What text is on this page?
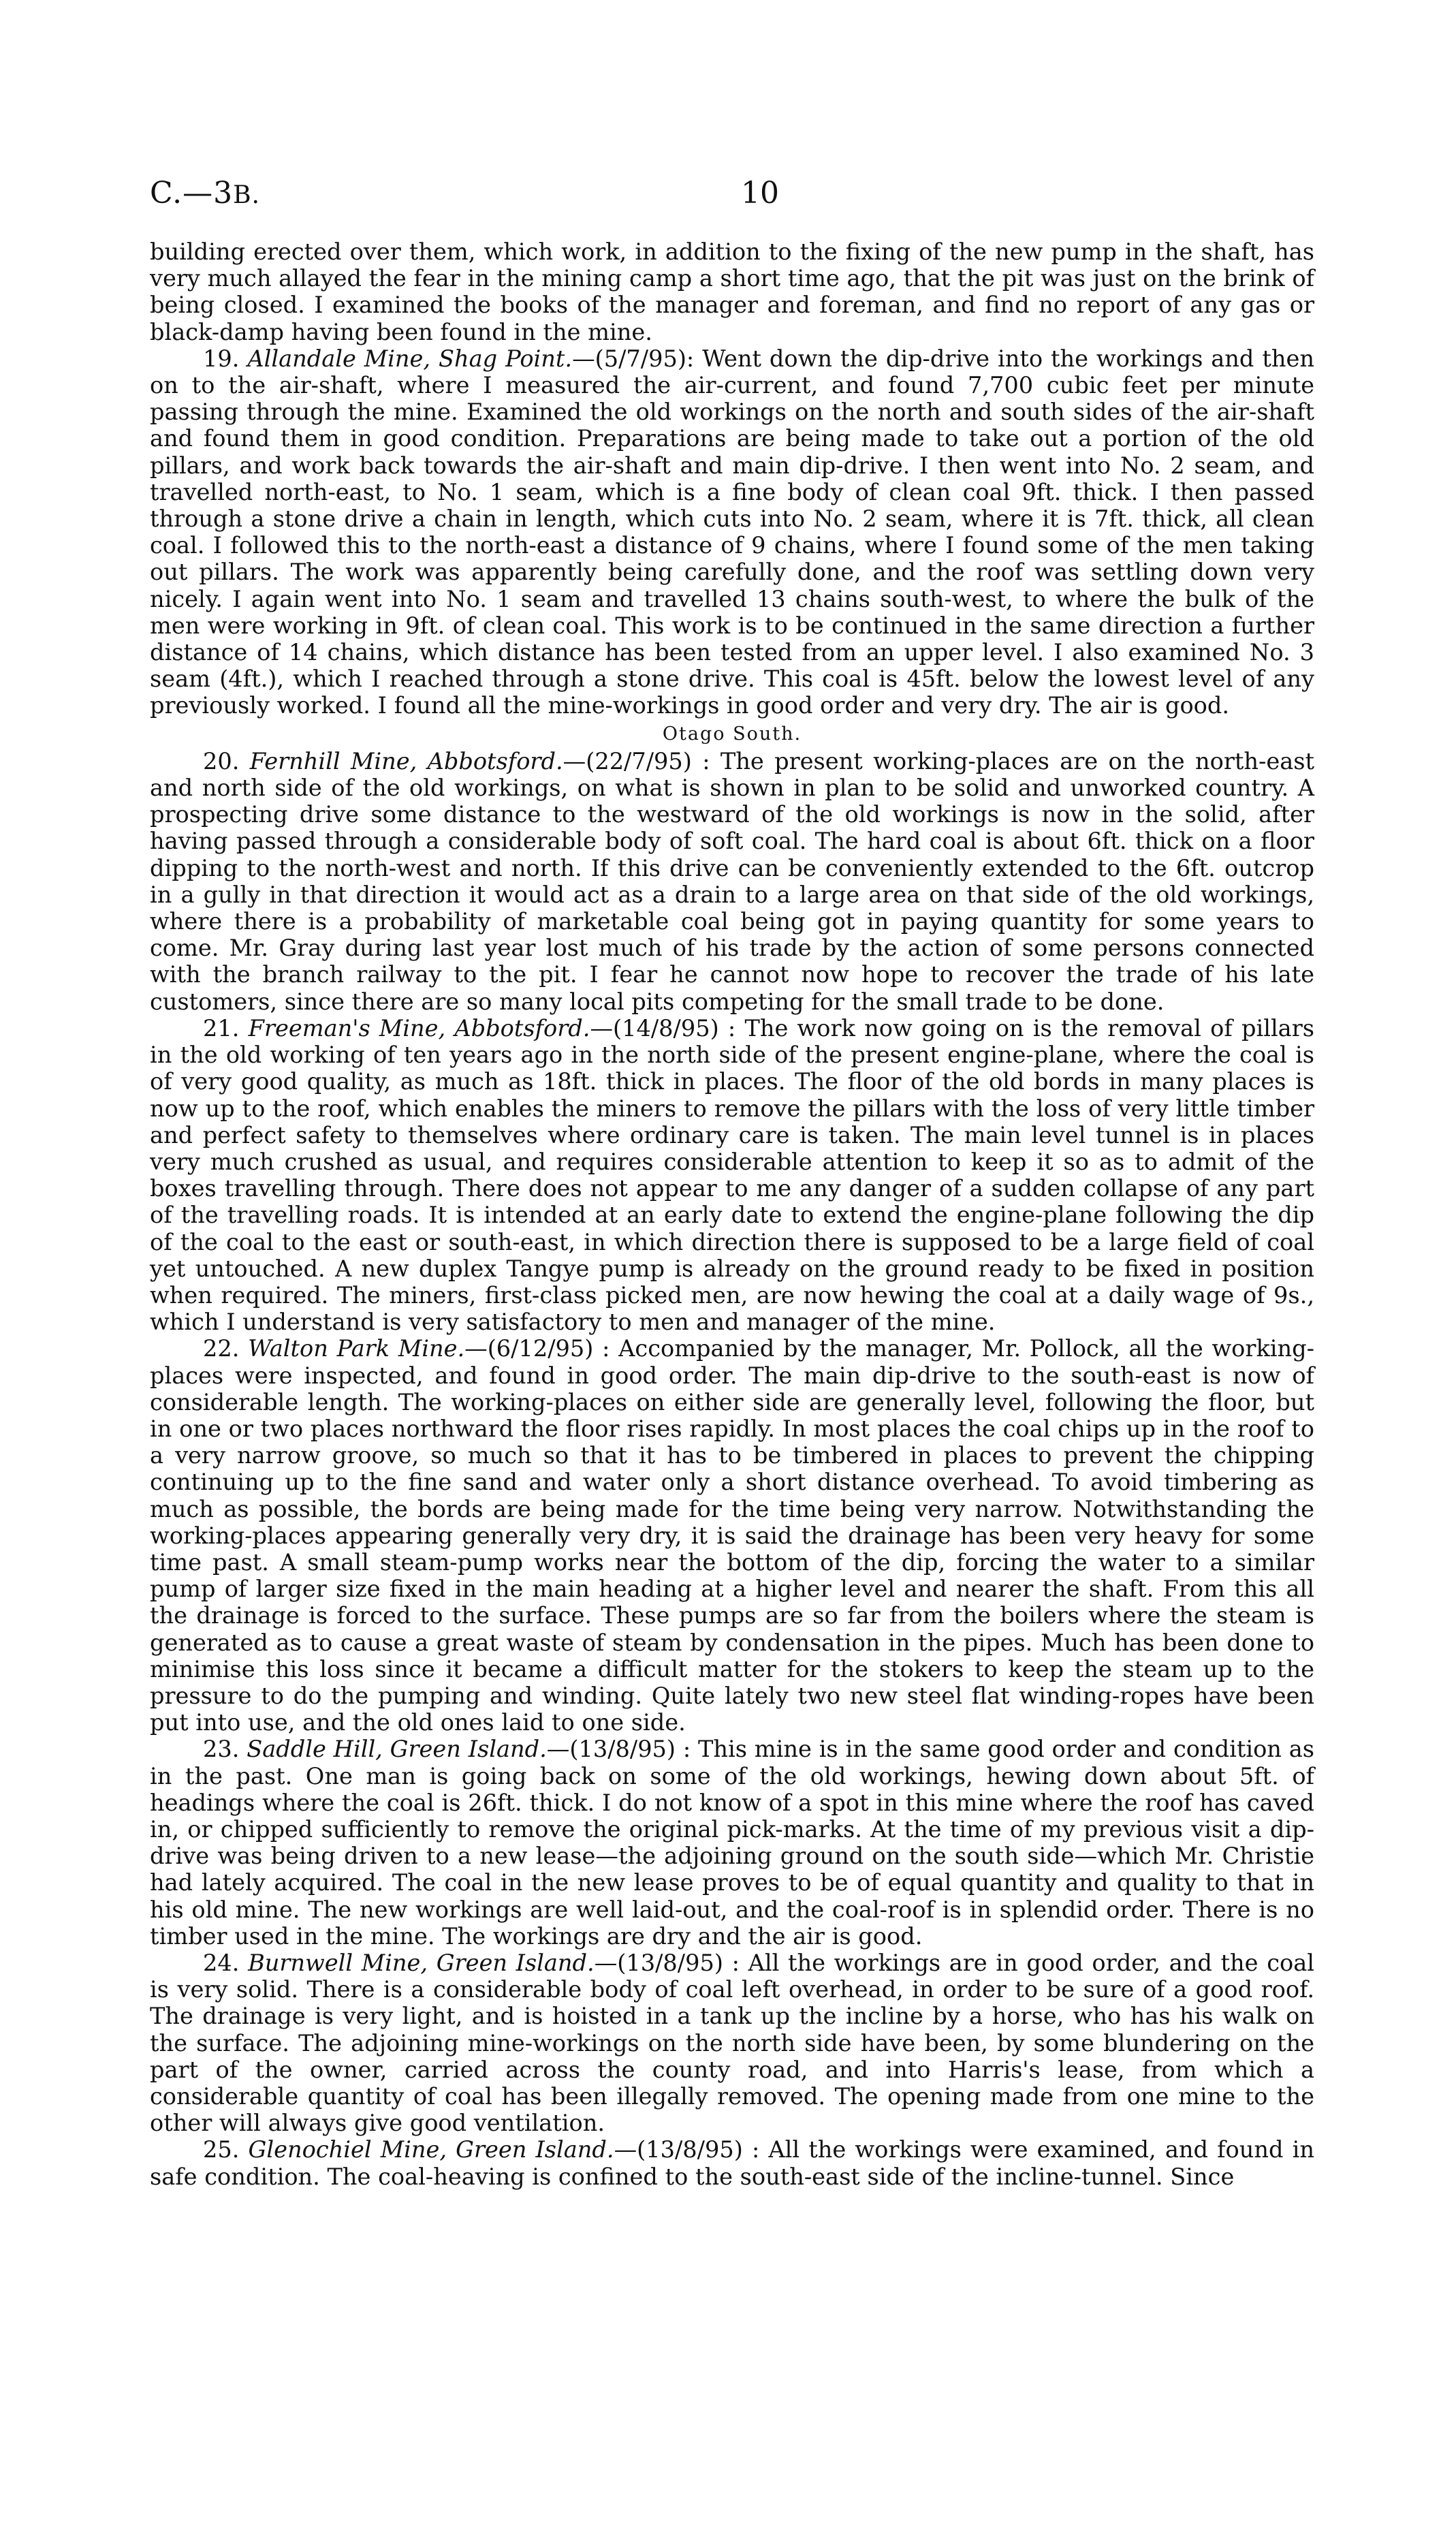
C.—3B.	10

building erected over them, which work, in addition to the fixing of the new pump in the shaft, has very much allayed the fear in the mining camp a short time ago, that the pit was just on the brink of being closed. I examined the books of the manager and foreman, and find no report of any gas or black-damp having been found in the mine.

19. Allandale Mine, Shag Point.—(5/7/95): Went down the dip-drive into the workings and then on to the air-shaft, where I measured the air-current, and found 7,700 cubic feet per minute passing through the mine. Examined the old workings on the north and south sides of the air-shaft and found them in good condition. Preparations are being made to take out a portion of the old pillars, and work back towards the air-shaft and main dip-drive. I then went into No. 2 seam, and travelled north-east, to No. 1 seam, which is a fine body of clean coal 9ft. thick. I then passed through a stone drive a chain in length, which cuts into No. 2 seam, where it is 7ft. thick, all clean coal. I followed this to the north-east a distance of 9 chains, where I found some of the men taking out pillars. The work was apparently being carefully done, and the roof was settling down very nicely. I again went into No. 1 seam and travelled 13 chains south-west, to where the bulk of the men were working in 9ft. of clean coal. This work is to be continued in the same direction a further distance of 14 chains, which distance has been tested from an upper level. I also examined No. 3 seam (4ft.), which I reached through a stone drive. This coal is 45ft. below the lowest level of any previously worked. I found all the mine-workings in good order and very dry. The air is good.

Otago South.

20. Fernhill Mine, Abbotsford.—(22/7/95) : The present working-places are on the north-east and north side of the old workings, on what is shown in plan to be solid and unworked country. A prospecting drive some distance to the westward of the old workings is now in the solid, after having passed through a considerable body of soft coal. The hard coal is about 6ft. thick on a floor dipping to the north-west and north. If this drive can be conveniently extended to the 6ft. outcrop in a gully in that direction it would act as a drain to a large area on that side of the old workings, where there is a probability of marketable coal being got in paying quantity for some years to come. Mr. Gray during last year lost much of his trade by the action of some persons connected with the branch railway to the pit. I fear he cannot now hope to recover the trade of his late customers, since there are so many local pits competing for the small trade to be done.

21. Freeman's Mine, Abbotsford.—(14/8/95) : The work now going on is the removal of pillars in the old working of ten years ago in the north side of the present engine-plane, where the coal is of very good quality, as much as 18ft. thick in places. The floor of the old bords in many places is now up to the roof, which enables the miners to remove the pillars with the loss of very little timber and perfect safety to themselves where ordinary care is taken. The main level tunnel is in places very much crushed as usual, and requires considerable attention to keep it so as to admit of the boxes travelling through. There does not appear to me any danger of a sudden collapse of any part of the travelling roads. It is intended at an early date to extend the engine-plane following the dip of the coal to the east or south-east, in which direction there is supposed to be a large field of coal yet untouched. A new duplex Tangye pump is already on the ground ready to be fixed in position when required. The miners, first-class picked men, are now hewing the coal at a daily wage of 9s., which I understand is very satisfactory to men and manager of the mine.

22. Walton Park Mine.—(6/12/95) : Accompanied by the manager, Mr. Pollock, all the working-places were inspected, and found in good order. The main dip-drive to the south-east is now of considerable length. The working-places on either side are generally level, following the floor, but in one or two places northward the floor rises rapidly. In most places the coal chips up in the roof to a very narrow groove, so much so that it has to be timbered in places to prevent the chipping continuing up to the fine sand and water only a short distance overhead. To avoid timbering as much as possible, the bords are being made for the time being very narrow. Notwithstanding the working-places appearing generally very dry, it is said the drainage has been very heavy for some time past. A small steam-pump works near the bottom of the dip, forcing the water to a similar pump of larger size fixed in the main heading at a higher level and nearer the shaft. From this all the drainage is forced to the surface. These pumps are so far from the boilers where the steam is generated as to cause a great waste of steam by condensation in the pipes. Much has been done to minimise this loss since it became a difficult matter for the stokers to keep the steam up to the pressure to do the pumping and winding. Quite lately two new steel flat winding-ropes have been put into use, and the old ones laid to one side.

23. Saddle Hill, Green Island.—(13/8/95) : This mine is in the same good order and condition as in the past. One man is going back on some of the old workings, hewing down about 5ft. of headings where the coal is 26ft. thick. I do not know of a spot in this mine where the roof has caved in, or chipped sufficiently to remove the original pick-marks. At the time of my previous visit a dip-drive was being driven to a new lease—the adjoining ground on the south side—which Mr. Christie had lately acquired. The coal in the new lease proves to be of equal quantity and quality to that in his old mine. The new workings are well laid-out, and the coal-roof is in splendid order. There is no timber used in the mine. The workings are dry and the air is good.

24. Burnwell Mine, Green Island.—(13/8/95) : All the workings are in good order, and the coal is very solid. There is a considerable body of coal left overhead, in order to be sure of a good roof. The drainage is very light, and is hoisted in a tank up the incline by a horse, who has his walk on the surface. The adjoining mine-workings on the north side have been, by some blundering on the part of the owner, carried across the county road, and into Harris's lease, from which a considerable quantity of coal has been illegally removed. The opening made from one mine to the other will always give good ventilation.

25. Glenochiel Mine, Green Island.—(13/8/95) : All the workings were examined, and found in safe condition. The coal-heaving is confined to the south-east side of the incline-tunnel. Since
